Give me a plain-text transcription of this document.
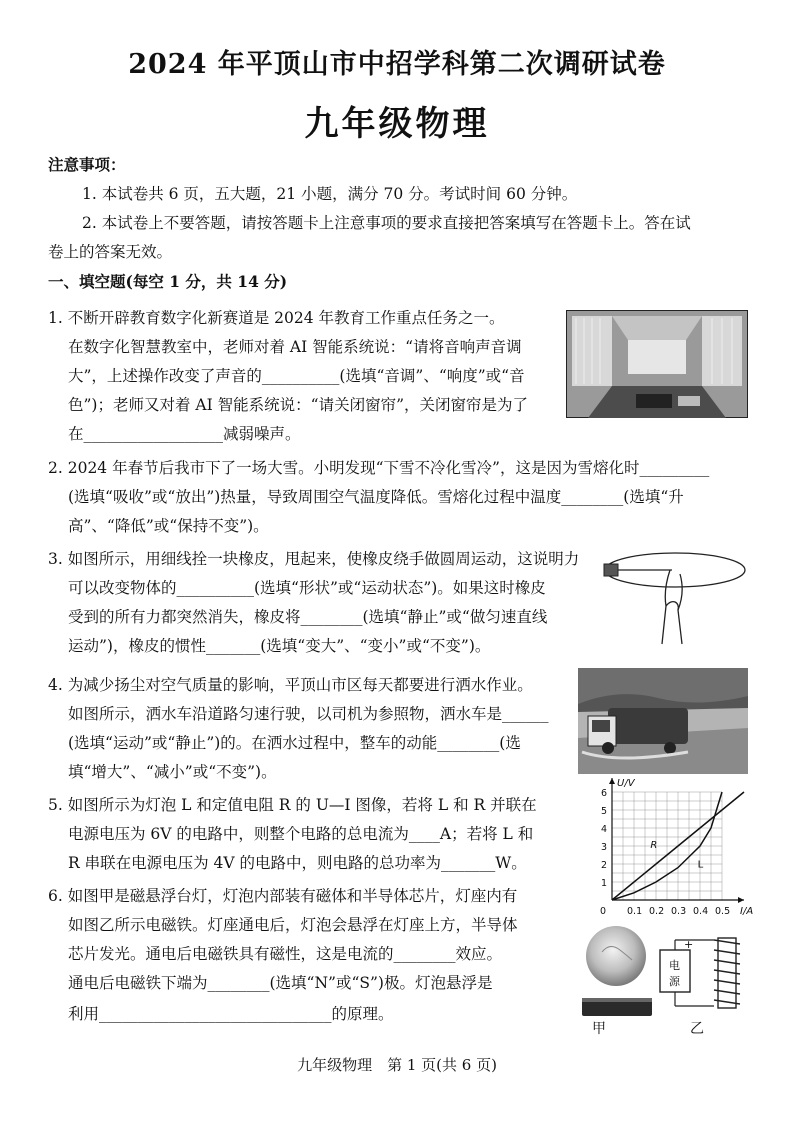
2024 年平顶山市中招学科第二次调研试卷
九年级物理
注意事项：
1. 本试卷共 6 页，五大题，21 小题，满分 70 分。考试时间 60 分钟。
2. 本试卷上不要答题，请按答题卡上注意事项的要求直接把答案填写在答题卡上。答在试
卷上的答案无效。
一、填空题(每空 1 分，共 14 分)
1. 不断开辟教育数字化新赛道是 2024 年教育工作重点任务之一。
在数字化智慧教室中，老师对着 AI 智能系统说：“请将音响声音调
大”，上述操作改变了声音的__________(选填“音调”、“响度”或“音
色”)；老师又对着 AI 智能系统说：“请关闭窗帘”，关闭窗帘是为了
在__________________减弱噪声。
2. 2024 年春节后我市下了一场大雪。小明发现“下雪不冷化雪冷”，这是因为雪熔化时_________
(选填“吸收”或“放出”)热量，导致周围空气温度降低。雪熔化过程中温度________(选填“升
高”、“降低”或“保持不变”)。
3. 如图所示，用细线拴一块橡皮，甩起来，使橡皮绕手做圆周运动，这说明力
可以改变物体的__________(选填“形状”或“运动状态”)。如果这时橡皮
受到的所有力都突然消失，橡皮将________(选填“静止”或“做匀速直线
运动”)，橡皮的惯性_______(选填“变大”、“变小”或“不变”)。
4. 为减少扬尘对空气质量的影响，平顶山市区每天都要进行洒水作业。
如图所示，洒水车沿道路匀速行驶，以司机为参照物，洒水车是______
(选填“运动”或“静止”)的。在洒水过程中，整车的动能________(选
填“增大”、“减小”或“不变”)。
5. 如图所示为灯泡 L 和定值电阻 R 的 U—I 图像，若将 L 和 R 并联在
电源电压为 6V 的电路中，则整个电路的总电流为____A；若将 L 和
R 串联在电源电压为 4V 的电路中，则电路的总功率为_______W。
U/V
I/A
0 0.1 0.2 0.3 0.4 0.5
1
2
3
4
5
6
R
L
6. 如图甲是磁悬浮台灯，灯泡内部装有磁体和半导体芯片，灯座内有
如图乙所示电磁铁。灯座通电后，灯泡会悬浮在灯座上方，半导体
芯片发光。通电后电磁铁具有磁性，这是电流的________效应。
通电后电磁铁下端为________(选填“N”或“S”)极。灯泡悬浮是
利用______________________________的原理。
甲
电
源
+
乙
九年级物理　第 1 页(共 6 页)
